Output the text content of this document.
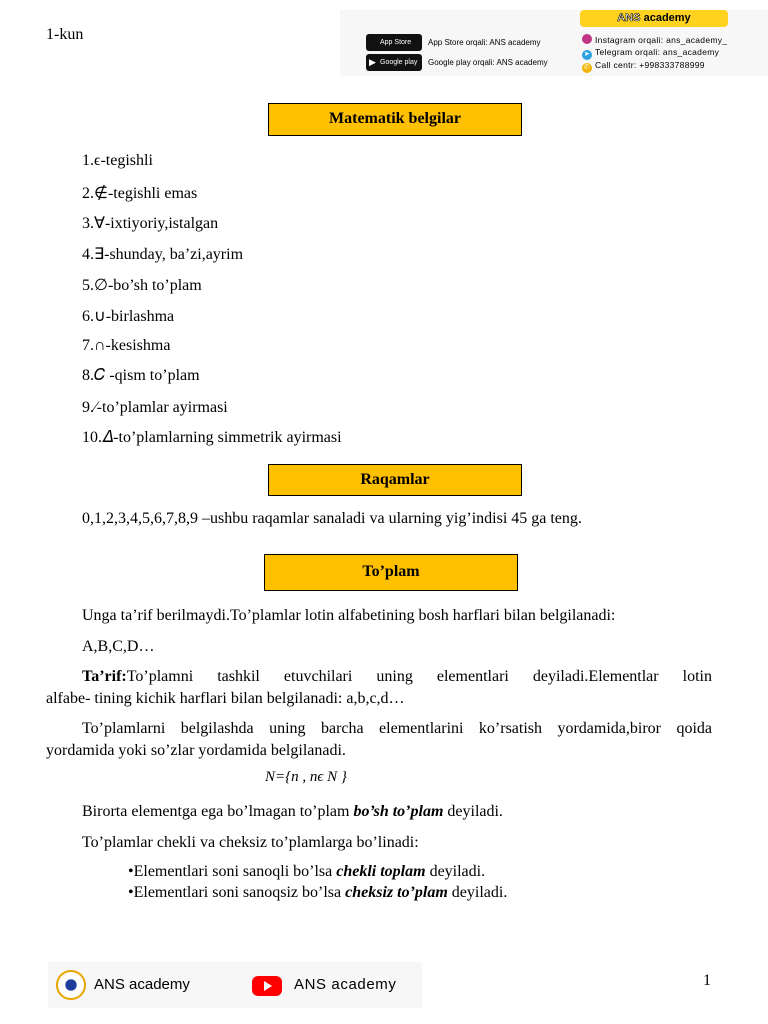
1-kun	App Store	App Store orqali: ANS academy
▶ Google play	Google play orqali: ANS academy
ANS academy
Instagram orqali: ans_academy_
➤ Telegram orqali: ans_academy
✆ Call centr: +998333788999
Matematik belgilar
1.ϵ-tegishli
2.∉-tegishli emas
3.∀-ixtiyoriy,istalgan
4.∃-shunday, ba’zi,ayrim
5.∅-bo’sh to’plam
6.∪-birlashma
7.∩-kesishma
8.𝐶 -qism to’plam
9.∕-to’plamlar ayirmasi
10.𝛥-to’plamlarning simmetrik ayirmasi
Raqamlar
0,1,2,3,4,5,6,7,8,9 –ushbu raqamlar sanaladi va ularning yig’indisi 45 ga teng.
To’plam
Unga ta’rif berilmaydi.To’plamlar lotin alfabetining bosh harflari bilan belgilanadi:
A,B,C,D…
Ta’rif:To’plamni tashkil etuvchilari uning elementlari deyiladi.Elementlar lotin
alfabe- tining kichik harflari bilan belgilanadi: a,b,c,d…
To’plamlarni belgilashda uning barcha elementlarini ko’rsatish yordamida,biror qoida
yordamida yoki so’zlar yordamida belgilanadi.
N={n , nϵ N }
Birorta elementga ega bo’lmagan to’plam bo’sh to’plam deyiladi.
To’plamlar chekli va cheksiz to’plamlarga bo’linadi:
•Elementlari soni sanoqli bo’lsa chekli toplam deyiladi.
•Elementlari soni sanoqsiz bo’lsa cheksiz to’plam deyiladi.
ANS academy	ANS academy	1
